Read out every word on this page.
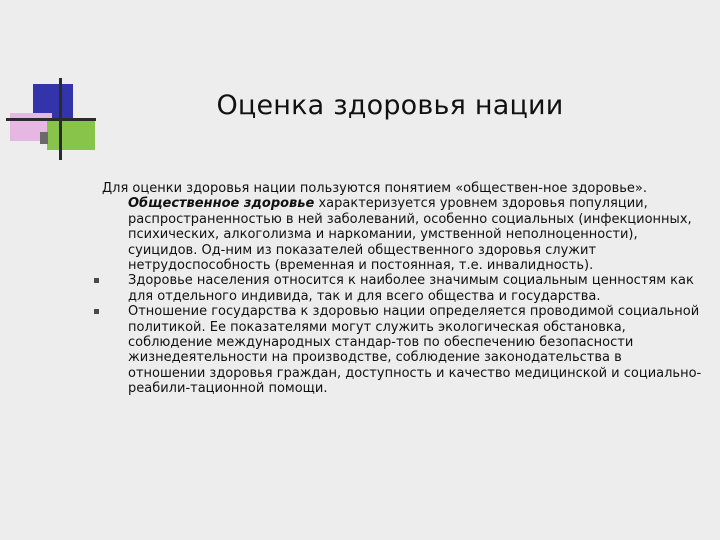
Оценка здоровья нации

Для оценки здоровья нации пользуются понятием «обществен-ное здоровье». Общественное здоровье характеризуется уровнем здоровья популяции, распространенностью в ней заболеваний, особенно социальных (инфекционных, психических, алкоголизма и наркомании, умственной неполноценности), суицидов. Од-ним из показателей общественного здоровья служит нетрудоспособность (временная и постоянная, т.е. инвалидность).

Здоровье населения относится к наиболее значимым социальным ценностям как для отдельного индивида, так и для всего общества и государства.

Отношение государства к здоровью нации определяется проводимой социальной политикой. Ее показателями могут служить экологическая обстановка, соблюдение международных стандар-тов по обеспечению безопасности жизнедеятельности на производстве, соблюдение законодательства в отношении здоровья граждан, доступность и качество медицинской и социально-реабили-тационной помощи.
